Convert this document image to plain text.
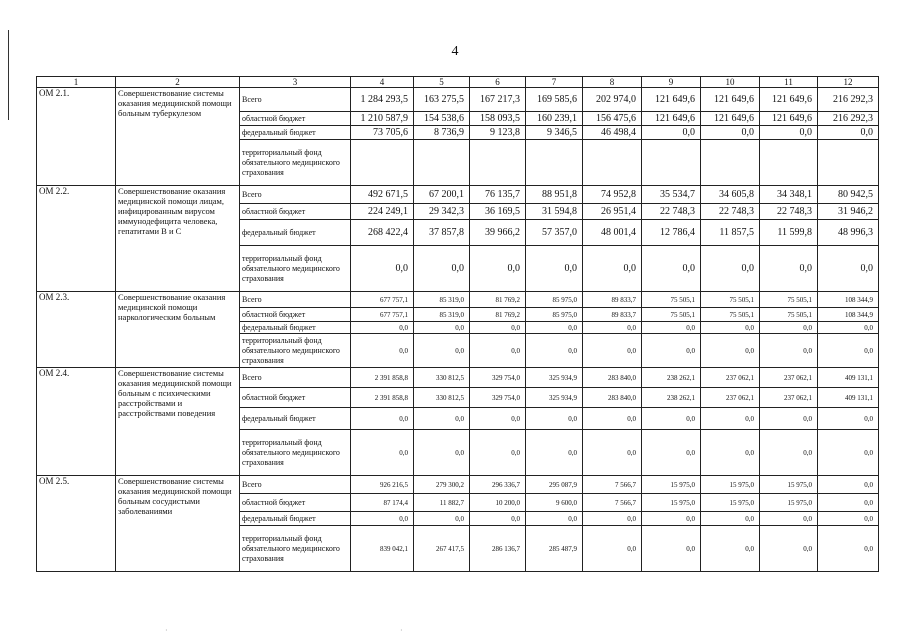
4
·	·
1	2	3	4	5	6	7	8	9	10	11	12
ОМ 2.1.	Совершенствование системы оказания медицинской помощи больным туберкулезом	Всего	1 284 293,5	163 275,5	167 217,3	169 585,6	202 974,0	121 649,6	121 649,6	121 649,6	216 292,3
		областной бюджет	1 210 587,9	154 538,6	158 093,5	160 239,1	156 475,6	121 649,6	121 649,6	121 649,6	216 292,3
		федеральный бюджет	73 705,6	8 736,9	9 123,8	9 346,5	46 498,4	0,0	0,0	0,0	0,0
		территориальный фонд обязательного медицинского страхования									
ОМ 2.2.	Совершенствование оказания медицинской помощи лицам, инфицированным вирусом иммунодефицита человека, гепатитами В и С	Всего	492 671,5	67 200,1	76 135,7	88 951,8	74 952,8	35 534,7	34 605,8	34 348,1	80 942,5
		областной бюджет	224 249,1	29 342,3	36 169,5	31 594,8	26 951,4	22 748,3	22 748,3	22 748,3	31 946,2
		федеральный бюджет	268 422,4	37 857,8	39 966,2	57 357,0	48 001,4	12 786,4	11 857,5	11 599,8	48 996,3
		территориальный фонд обязательного медицинского страхования	0,0	0,0	0,0	0,0	0,0	0,0	0,0	0,0	0,0
ОМ 2.3.	Совершенствование оказания медицинской помощи наркологическим больным	Всего	677 757,1	85 319,0	81 769,2	85 975,0	89 833,7	75 505,1	75 505,1	75 505,1	108 344,9
		областной бюджет	677 757,1	85 319,0	81 769,2	85 975,0	89 833,7	75 505,1	75 505,1	75 505,1	108 344,9
		федеральный бюджет	0,0	0,0	0,0	0,0	0,0	0,0	0,0	0,0	0,0
		территориальный фонд обязательного медицинского страхования	0,0	0,0	0,0	0,0	0,0	0,0	0,0	0,0	0,0
ОМ 2.4.	Совершенствование системы оказания медицинской помощи больным с психическими расстройствами и расстройствами поведения	Всего	2 391 858,8	330 812,5	329 754,0	325 934,9	283 840,0	238 262,1	237 062,1	237 062,1	409 131,1
		областной бюджет	2 391 858,8	330 812,5	329 754,0	325 934,9	283 840,0	238 262,1	237 062,1	237 062,1	409 131,1
		федеральный бюджет	0,0	0,0	0,0	0,0	0,0	0,0	0,0	0,0	0,0
		территориальный фонд обязательного медицинского страхования	0,0	0,0	0,0	0,0	0,0	0,0	0,0	0,0	0,0
ОМ 2.5.	Совершенствование системы оказания медицинской помощи больным сосудистыми заболеваниями	Всего	926 216,5	279 300,2	296 336,7	295 087,9	7 566,7	15 975,0	15 975,0	15 975,0	0,0
		областной бюджет	87 174,4	11 882,7	10 200,0	9 600,0	7 566,7	15 975,0	15 975,0	15 975,0	0,0
		федеральный бюджет	0,0	0,0	0,0	0,0	0,0	0,0	0,0	0,0	0,0
		территориальный фонд обязательного медицинского страхования	839 042,1	267 417,5	286 136,7	285 487,9	0,0	0,0	0,0	0,0	0,0
